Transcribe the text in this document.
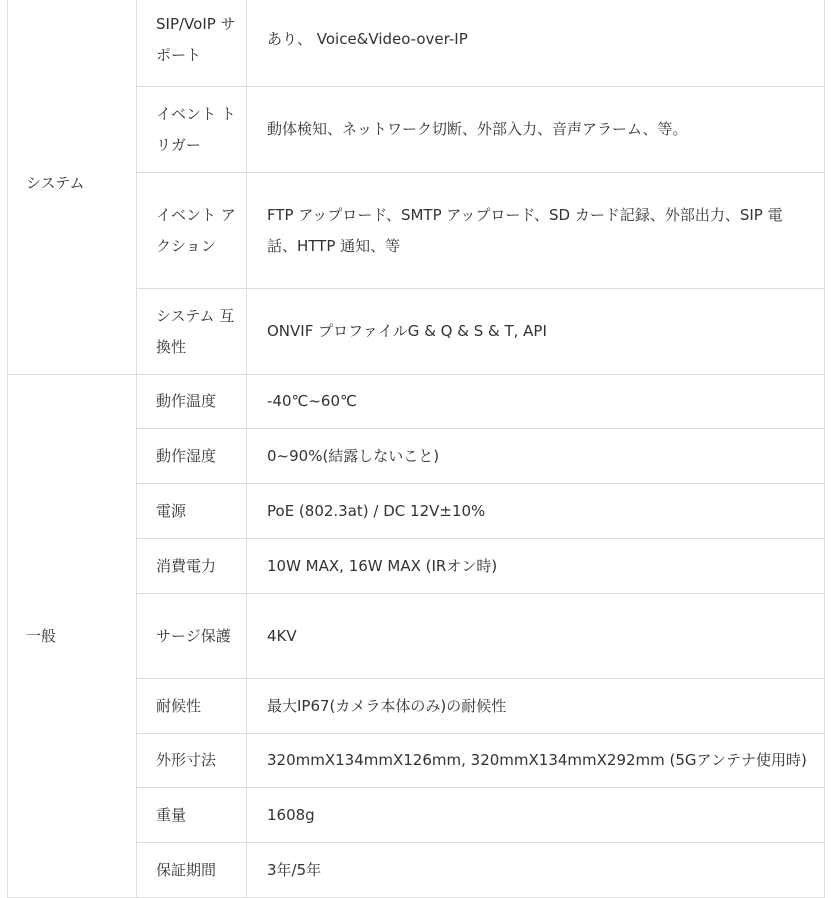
システム	SIP/VoIP サポート	あり、 Voice&Video-over-IP
	イベント トリガー	動体検知、ネットワーク切断、外部入力、音声アラーム、等。
	イベント アクション	FTP アップロード、SMTP アップロード、SD カード記録、外部出力、SIP 電話、HTTP 通知、等
	システム 互換性	ONVIF プロファイルG & Q & S & T, API
一般	動作温度	-40℃~60℃
	動作湿度	0~90%(結露しないこと)
	電源	PoE (802.3at) / DC 12V±10%
	消費電力	10W MAX, 16W MAX (IRオン時)
	サージ保護	4KV
	耐候性	最大IP67(カメラ本体のみ)の耐候性
	外形寸法	320mmX134mmX126mm, 320mmX134mmX292mm (5Gアンテナ使用時)
	重量	1608g
	保証期間	3年/5年
